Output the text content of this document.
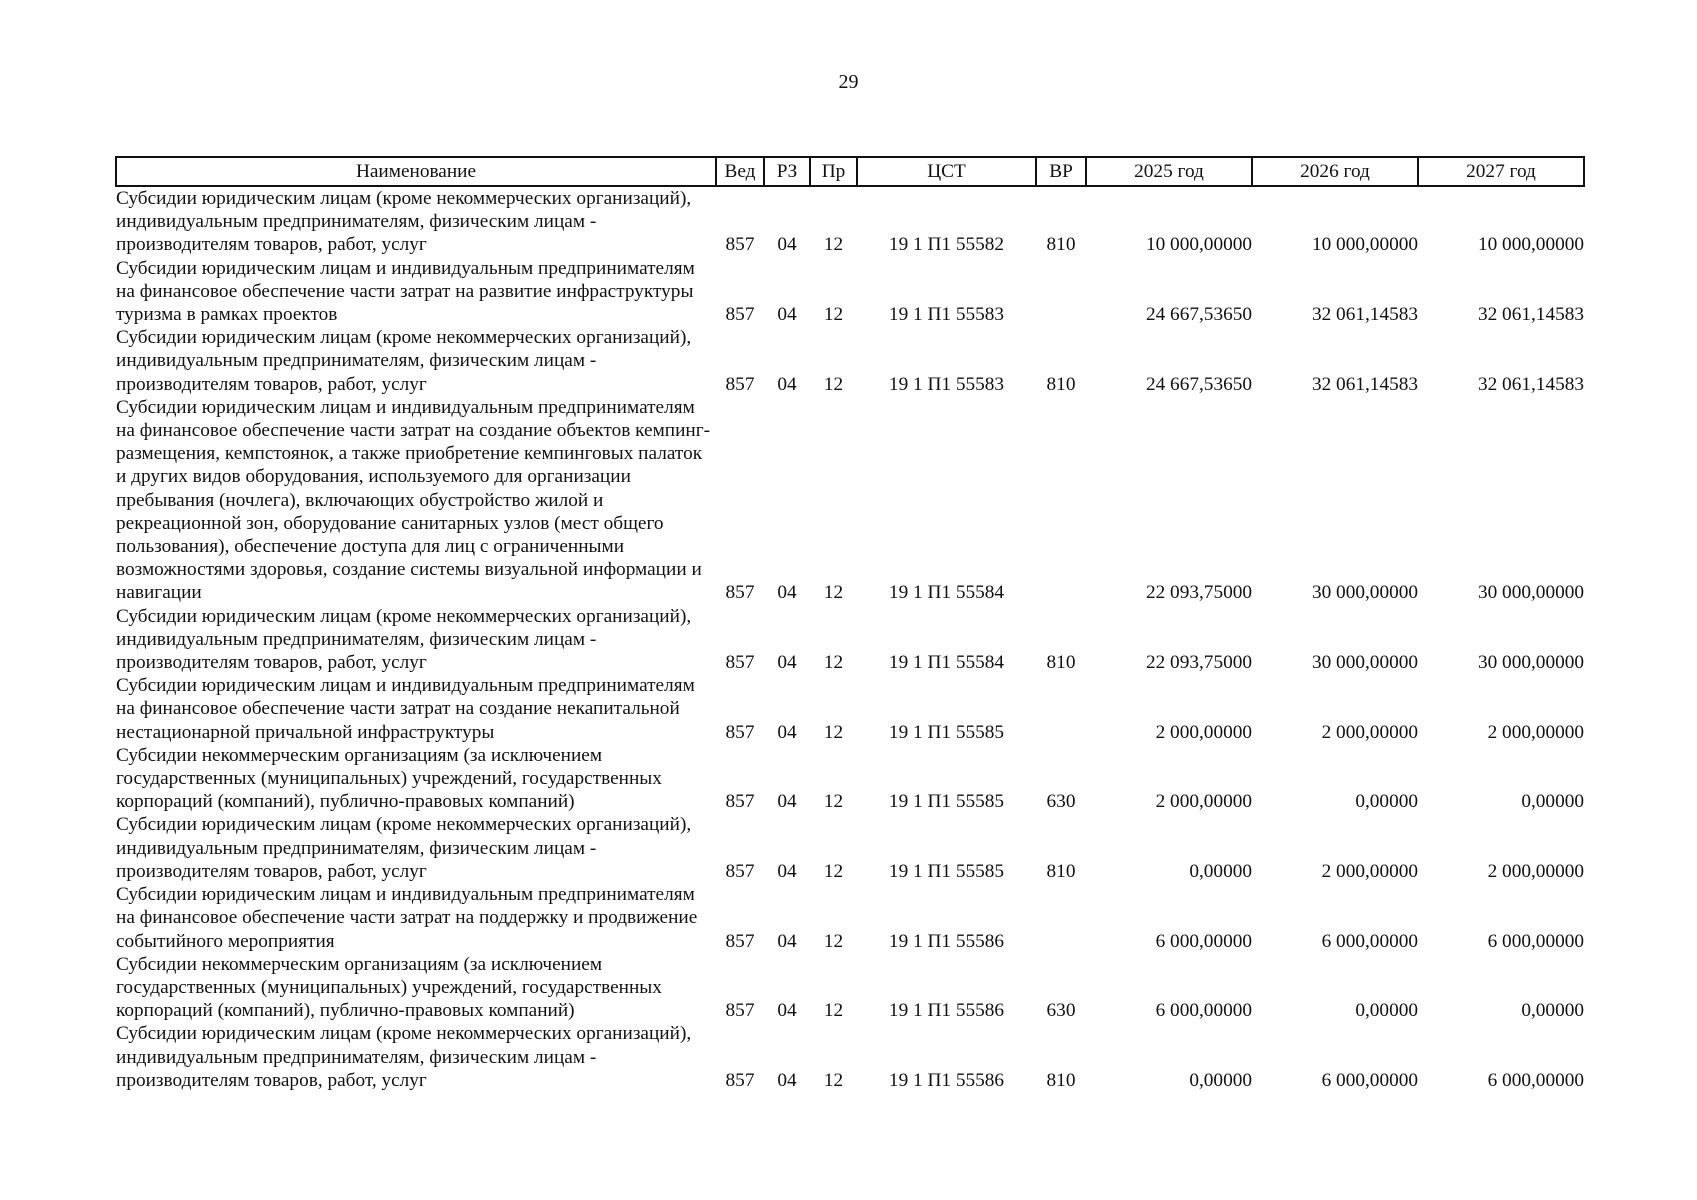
29
Наименование	Вед	РЗ	Пр	ЦСТ	ВР	2025 год	2026 год	2027 год
Субсидии юридическим лицам (кроме некоммерческих организаций), индивидуальным предпринимателям, физическим лицам - производителям товаров, работ, услуг	857	04	12	19 1 П1 55582	810	10 000,00000	10 000,00000	10 000,00000
Субсидии юридическим лицам и индивидуальным предпринимателям на финансовое обеспечение части затрат на развитие инфраструктуры туризма в рамках проектов	857	04	12	19 1 П1 55583		24 667,53650	32 061,14583	32 061,14583
Субсидии юридическим лицам (кроме некоммерческих организаций), индивидуальным предпринимателям, физическим лицам - производителям товаров, работ, услуг	857	04	12	19 1 П1 55583	810	24 667,53650	32 061,14583	32 061,14583
Субсидии юридическим лицам и индивидуальным предпринимателям на финансовое обеспечение части затрат на создание объектов кемпинг-размещения, кемпстоянок, а также приобретение кемпинговых палаток и других видов оборудования, используемого для организации пребывания (ночлега), включающих обустройство жилой и рекреационной зон, оборудование санитарных узлов (мест общего пользования), обеспечение доступа для лиц с ограниченными возможностями здоровья, создание системы визуальной информации и навигации	857	04	12	19 1 П1 55584		22 093,75000	30 000,00000	30 000,00000
Субсидии юридическим лицам (кроме некоммерческих организаций), индивидуальным предпринимателям, физическим лицам - производителям товаров, работ, услуг	857	04	12	19 1 П1 55584	810	22 093,75000	30 000,00000	30 000,00000
Субсидии юридическим лицам и индивидуальным предпринимателям на финансовое обеспечение части затрат на создание некапитальной нестационарной причальной инфраструктуры	857	04	12	19 1 П1 55585		2 000,00000	2 000,00000	2 000,00000
Субсидии некоммерческим организациям (за исключением государственных (муниципальных) учреждений, государственных корпораций (компаний), публично-правовых компаний)	857	04	12	19 1 П1 55585	630	2 000,00000	0,00000	0,00000
Субсидии юридическим лицам (кроме некоммерческих организаций), индивидуальным предпринимателям, физическим лицам - производителям товаров, работ, услуг	857	04	12	19 1 П1 55585	810	0,00000	2 000,00000	2 000,00000
Субсидии юридическим лицам и индивидуальным предпринимателям на финансовое обеспечение части затрат на поддержку и продвижение событийного мероприятия	857	04	12	19 1 П1 55586		6 000,00000	6 000,00000	6 000,00000
Субсидии некоммерческим организациям (за исключением государственных (муниципальных) учреждений, государственных корпораций (компаний), публично-правовых компаний)	857	04	12	19 1 П1 55586	630	6 000,00000	0,00000	0,00000
Субсидии юридическим лицам (кроме некоммерческих организаций), индивидуальным предпринимателям, физическим лицам - производителям товаров, работ, услуг	857	04	12	19 1 П1 55586	810	0,00000	6 000,00000	6 000,00000
